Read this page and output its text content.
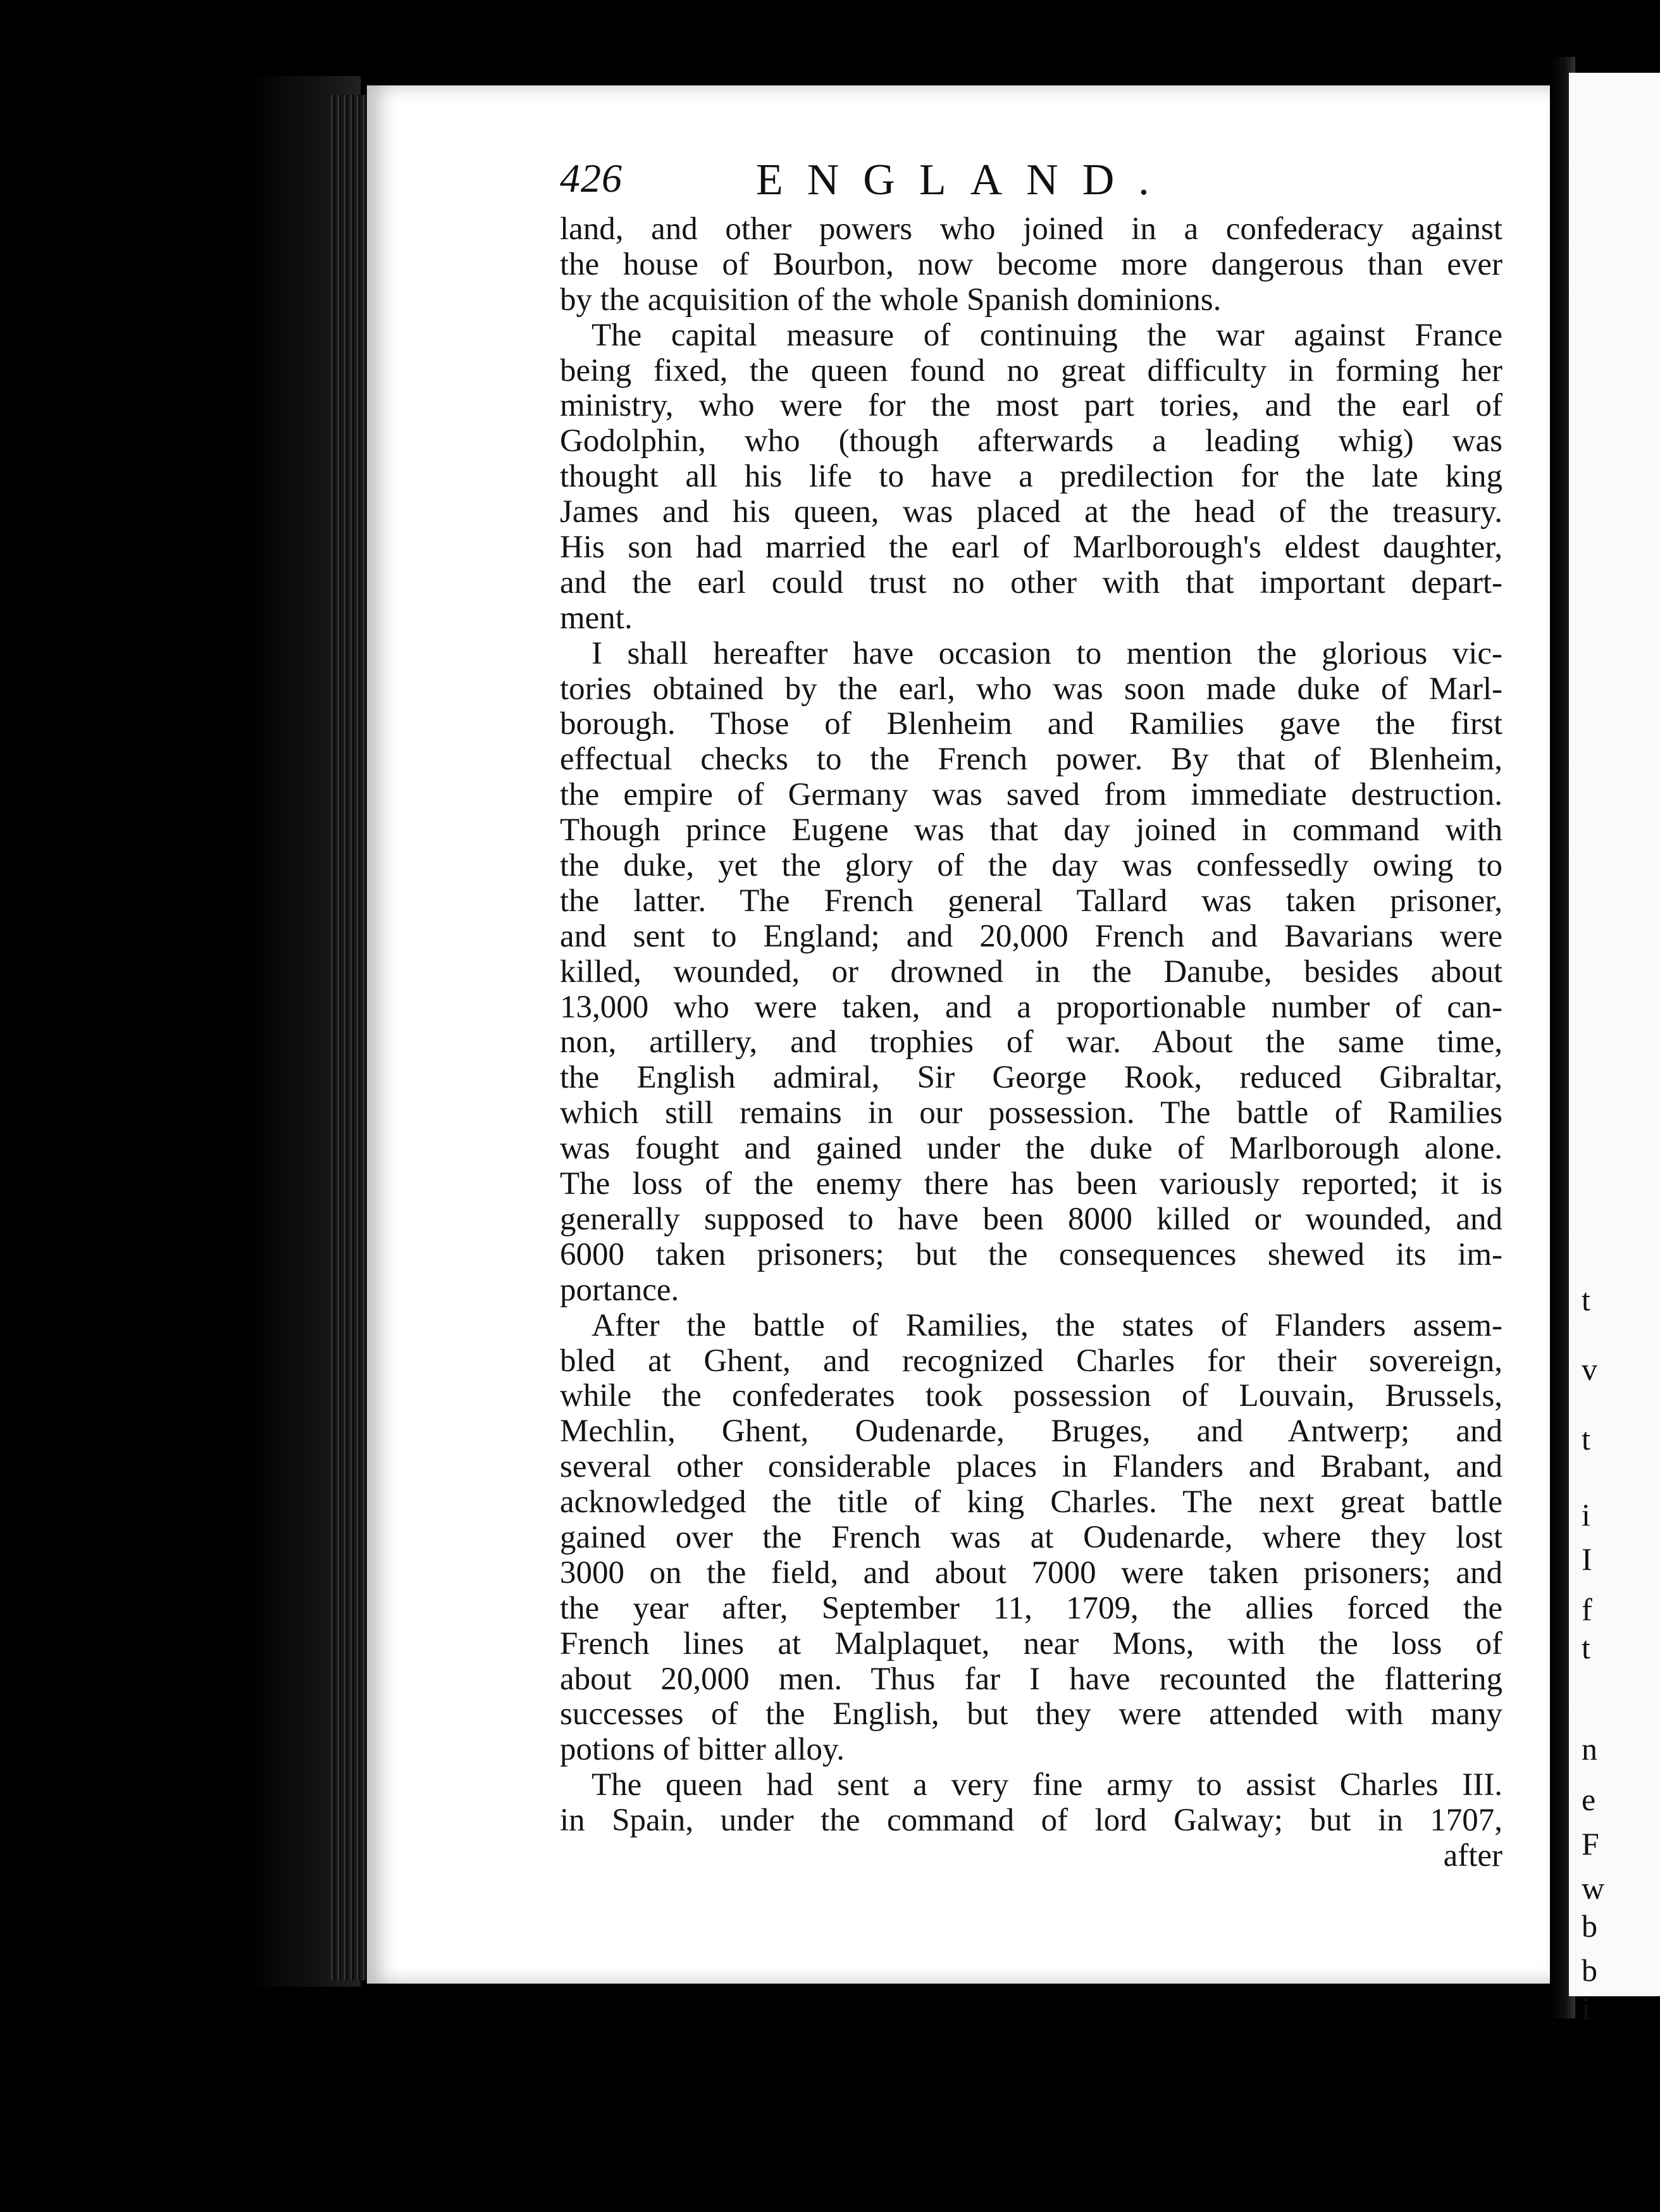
t
v
t
i
I
f
t
n
e
F
w
b
b
i
426	ENGLAND.
land, and other powers who joined in a confederacy against
the house of Bourbon, now become more dangerous than ever
by the acquisition of the whole Spanish dominions.
The capital measure of continuing the war against France
being fixed, the queen found no great difficulty in forming her
ministry, who were for the most part tories, and the earl of
Godolphin, who (though afterwards a leading whig) was
thought all his life to have a predilection for the late king
James and his queen, was placed at the head of the treasury.
His son had married the earl of Marlborough's eldest daughter,
and the earl could trust no other with that important depart-
ment.
I shall hereafter have occasion to mention the glorious vic-
tories obtained by the earl, who was soon made duke of Marl-
borough. Those of Blenheim and Ramilies gave the first
effectual checks to the French power. By that of Blenheim,
the empire of Germany was saved from immediate destruction.
Though prince Eugene was that day joined in command with
the duke, yet the glory of the day was confessedly owing to
the latter. The French general Tallard was taken prisoner,
and sent to England; and 20,000 French and Bavarians were
killed, wounded, or drowned in the Danube, besides about
13,000 who were taken, and a proportionable number of can-
non, artillery, and trophies of war. About the same time,
the English admiral, Sir George Rook, reduced Gibraltar,
which still remains in our possession. The battle of Ramilies
was fought and gained under the duke of Marlborough alone.
The loss of the enemy there has been variously reported; it is
generally supposed to have been 8000 killed or wounded, and
6000 taken prisoners; but the consequences shewed its im-
portance.
After the battle of Ramilies, the states of Flanders assem-
bled at Ghent, and recognized Charles for their sovereign,
while the confederates took possession of Louvain, Brussels,
Mechlin, Ghent, Oudenarde, Bruges, and Antwerp; and
several other considerable places in Flanders and Brabant, and
acknowledged the title of king Charles. The next great battle
gained over the French was at Oudenarde, where they lost
3000 on the field, and about 7000 were taken prisoners; and
the year after, September 11, 1709, the allies forced the
French lines at Malplaquet, near Mons, with the loss of
about 20,000 men. Thus far I have recounted the flattering
successes of the English, but they were attended with many
potions of bitter alloy.
The queen had sent a very fine army to assist Charles III.
in Spain, under the command of lord Galway; but in 1707,
after
